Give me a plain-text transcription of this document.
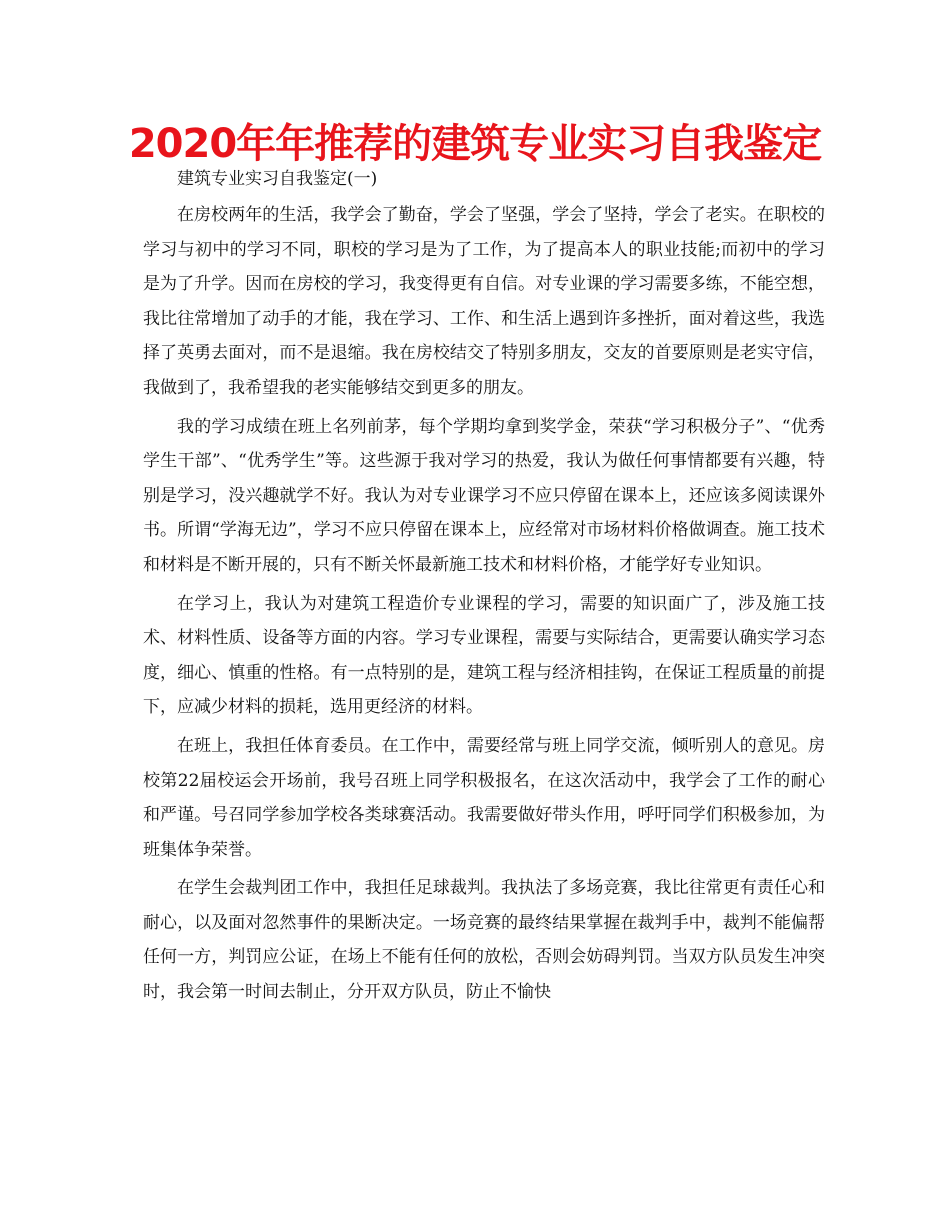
2020年年推荐的建筑专业实习自我鉴定
建筑专业实习自我鉴定(一)

在房校两年的生活，我学会了勤奋，学会了坚强，学会了坚持，学会了老实。在职校的学习与初中的学习不同，职校的学习是为了工作，为了提高本人的职业技能;而初中的学习是为了升学。因而在房校的学习，我变得更有自信。对专业课的学习需要多练，不能空想，我比往常增加了动手的才能，我在学习、工作、和生活上遇到许多挫折，面对着这些，我选择了英勇去面对，而不是退缩。我在房校结交了特别多朋友，交友的首要原则是老实守信，我做到了，我希望我的老实能够结交到更多的朋友。

我的学习成绩在班上名列前茅，每个学期均拿到奖学金，荣获“学习积极分子”、“优秀学生干部”、“优秀学生”等。这些源于我对学习的热爱，我认为做任何事情都要有兴趣，特别是学习，没兴趣就学不好。我认为对专业课学习不应只停留在课本上，还应该多阅读课外书。所谓“学海无边”，学习不应只停留在课本上，应经常对市场材料价格做调查。施工技术和材料是不断开展的，只有不断关怀最新施工技术和材料价格，才能学好专业知识。

在学习上，我认为对建筑工程造价专业课程的学习，需要的知识面广了，涉及施工技术、材料性质、设备等方面的内容。学习专业课程，需要与实际结合，更需要认确实学习态度，细心、慎重的性格。有一点特别的是，建筑工程与经济相挂钩，在保证工程质量的前提下，应减少材料的损耗，选用更经济的材料。

在班上，我担任体育委员。在工作中，需要经常与班上同学交流，倾听别人的意见。房校第22届校运会开场前，我号召班上同学积极报名，在这次活动中，我学会了工作的耐心和严谨。号召同学参加学校各类球赛活动。我需要做好带头作用，呼吁同学们积极参加，为班集体争荣誉。

在学生会裁判团工作中，我担任足球裁判。我执法了多场竞赛，我比往常更有责任心和耐心，以及面对忽然事件的果断决定。一场竞赛的最终结果掌握在裁判手中，裁判不能偏帮任何一方，判罚应公证，在场上不能有任何的放松，否则会妨碍判罚。当双方队员发生冲突时，我会第一时间去制止，分开双方队员，防止不愉快
